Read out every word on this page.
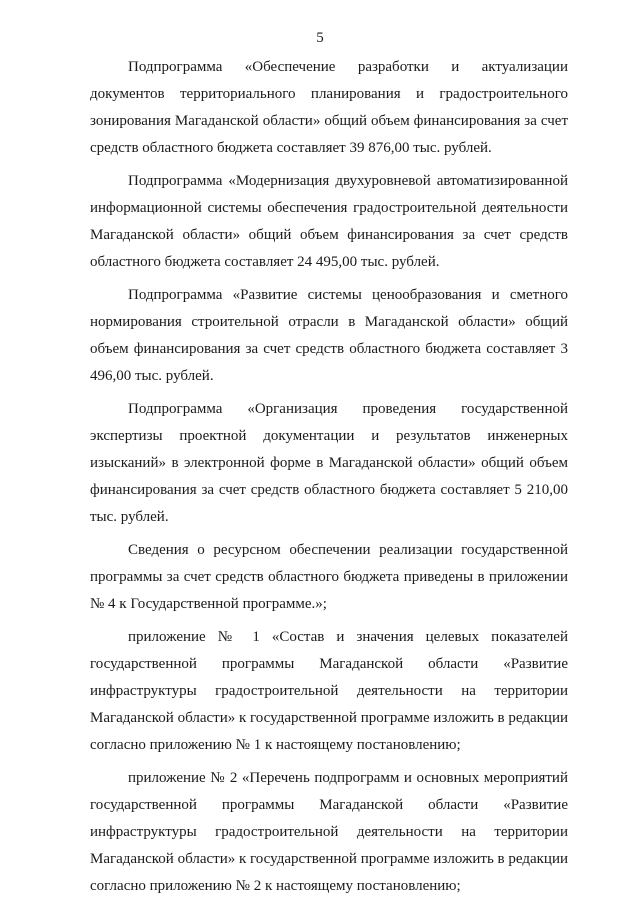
5

Подпрограмма «Обеспечение разработки и актуализации документов территориального планирования и градостроительного зонирования Магаданской области» общий объем финансирования за счет средств областного бюджета составляет 39 876,00 тыс. рублей.

Подпрограмма «Модернизация двухуровневой автоматизированной информационной системы обеспечения градостроительной деятельности Магаданской области» общий объем финансирования за счет средств областного бюджета составляет 24 495,00 тыс. рублей.

Подпрограмма «Развитие системы ценообразования и сметного нормирования строительной отрасли в Магаданской области» общий объем финансирования за счет средств областного бюджета составляет 3 496,00 тыс. рублей.

Подпрограмма «Организация проведения государственной экспертизы проектной документации и результатов инженерных изысканий» в электронной форме в Магаданской области» общий объем финансирования за счет средств областного бюджета составляет 5 210,00 тыс. рублей.

Сведения о ресурсном обеспечении реализации государственной программы за счет средств областного бюджета приведены в приложении № 4 к Государственной программе.»;

приложение № 1 «Состав и значения целевых показателей государственной программы Магаданской области «Развитие инфраструктуры градостроительной деятельности на территории Магаданской области» к государственной программе изложить в редакции согласно приложению № 1 к настоящему постановлению;

приложение № 2 «Перечень подпрограмм и основных мероприятий государственной программы Магаданской области «Развитие инфраструктуры градостроительной деятельности на территории Магаданской области» к государственной программе изложить в редакции согласно приложению № 2 к настоящему постановлению;
